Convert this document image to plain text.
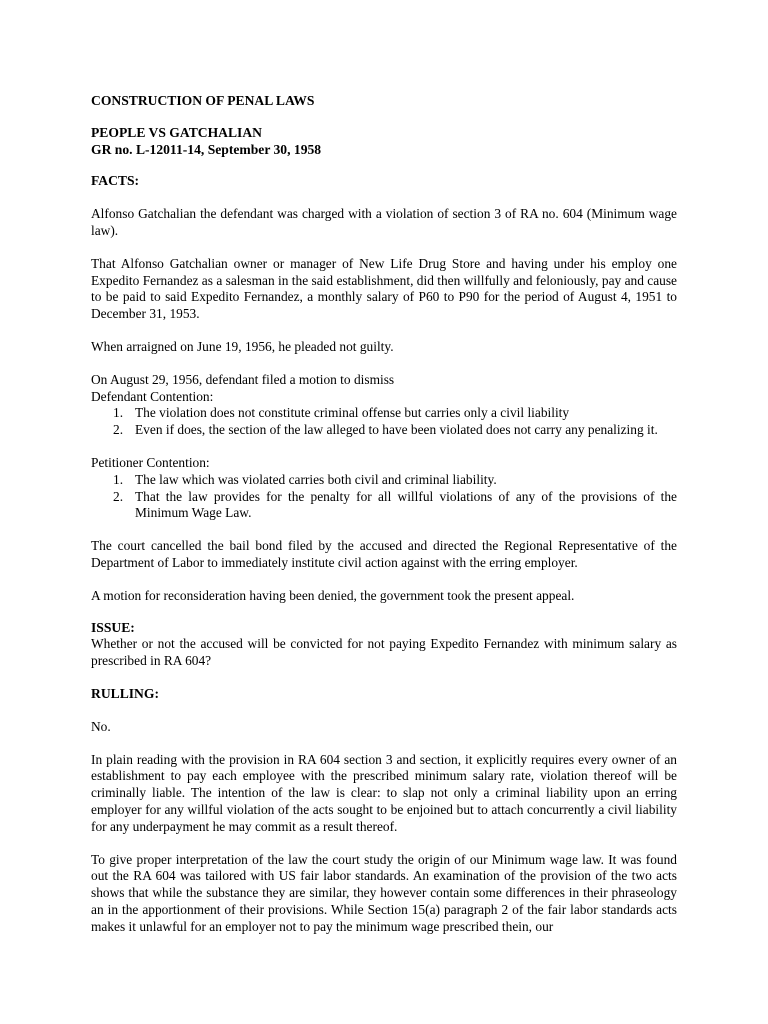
CONSTRUCTION OF PENAL LAWS

PEOPLE VS GATCHALIAN

GR no. L-12011-14, September 30, 1958

FACTS:

Alfonso Gatchalian the defendant was charged with a violation of section 3 of RA no. 604 (Minimum wage law).

That Alfonso Gatchalian owner or manager of New Life Drug Store and having under his employ one Expedito Fernandez as a salesman in the said establishment, did then willfully and feloniously, pay and cause to be paid to said Expedito Fernandez, a monthly salary of P60 to P90 for the period of August 4, 1951 to December 31, 1953.

When arraigned on June 19, 1956, he pleaded not guilty.

On August 29, 1956, defendant filed a motion to dismiss

Defendant Contention:

1. The violation does not constitute criminal offense but carries only a civil liability
2. Even if does, the section of the law alleged to have been violated does not carry any penalizing it.

Petitioner Contention:

1. The law which was violated carries both civil and criminal liability.
2. That the law provides for the penalty for all willful violations of any of the provisions of the Minimum Wage Law.

The court cancelled the bail bond filed by the accused and directed the Regional Representative of the Department of Labor to immediately institute civil action against with the erring employer.

A motion for reconsideration having been denied, the government took the present appeal.

ISSUE:

Whether or not the accused will be convicted for not paying Expedito Fernandez with minimum salary as prescribed in RA 604?

RULLING:

No.

In plain reading with the provision in RA 604 section 3 and section, it explicitly requires every owner of an establishment to pay each employee with the prescribed minimum salary rate, violation thereof will be criminally liable. The intention of the law is clear: to slap not only a criminal liability upon an erring employer for any willful violation of the acts sought to be enjoined but to attach concurrently a civil liability for any underpayment he may commit as a result thereof.

To give proper interpretation of the law the court study the origin of our Minimum wage law. It was found out the RA 604 was tailored with US fair labor standards. An examination of the provision of the two acts shows that while the substance they are similar, they however contain some differences in their phraseology an in the apportionment of their provisions. While Section 15(a) paragraph 2 of the fair labor standards acts makes it unlawful for an employer not to pay the minimum wage prescribed thein, our
